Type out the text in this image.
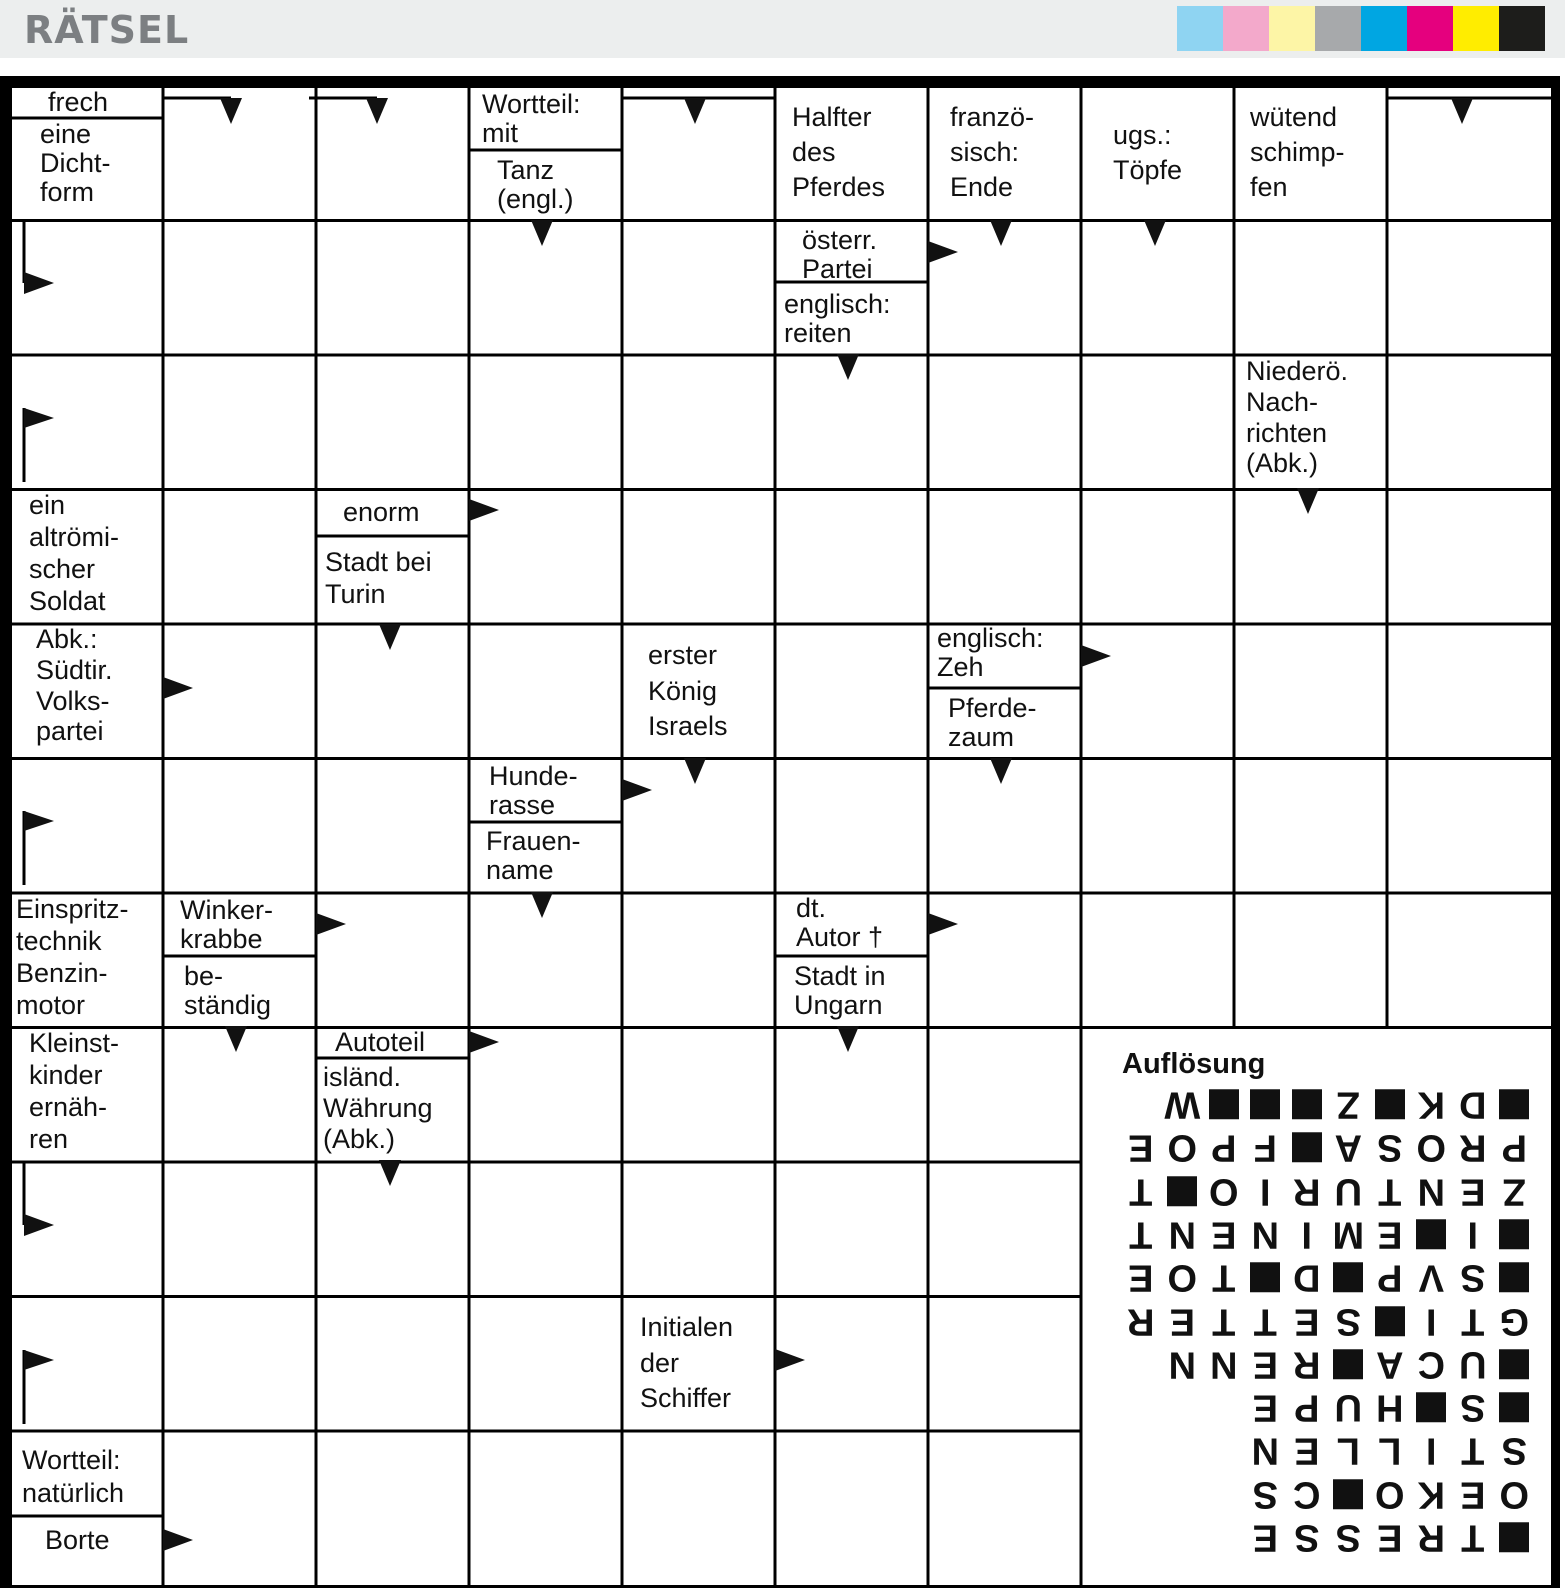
RÄTSEL
frech
eine
Dicht-
form
Wortteil:
mit
Tanz
(engl.)
Halfter
des
Pferdes
franzö-
sisch:
Ende
ugs.:
Töpfe
wütend
schimp-
fen
österr.
Partei
englisch:
reiten
Niederö.
Nach-
richten
(Abk.)
ein
altrömi-
scher
Soldat
enorm
Stadt bei
Turin
Abk.:
Südtir.
Volks-
partei
erster
König
Israels
englisch:
Zeh
Pferde-
zaum
Hunde-
rasse
Frauen-
name
Einspritz-
technik
Benzin-
motor
Winker-
krabbe
be-
ständig
dt.
Autor †
Stadt in
Ungarn
Kleinst-
kinder
ernäh-
ren
Autoteil
isländ.
Währung
(Abk.)
Initialen
der
Schiffer
Wortteil:
natürlich
Borte
Auflösung
T
R
E
S
S
E
O
E
K
O
C
S
S
T
I
L
L
E
N
S
H
U
P
E
U
C
A
R
E
N
N
G
T
I
S
E
T
T
E
R
S
V
P
D
T
O
E
I
E
M
I
N
E
N
T
Z
E
N
T
U
R
I
O
T
P
R
O
S
A
F
P
O
E
D
K
Z
W
